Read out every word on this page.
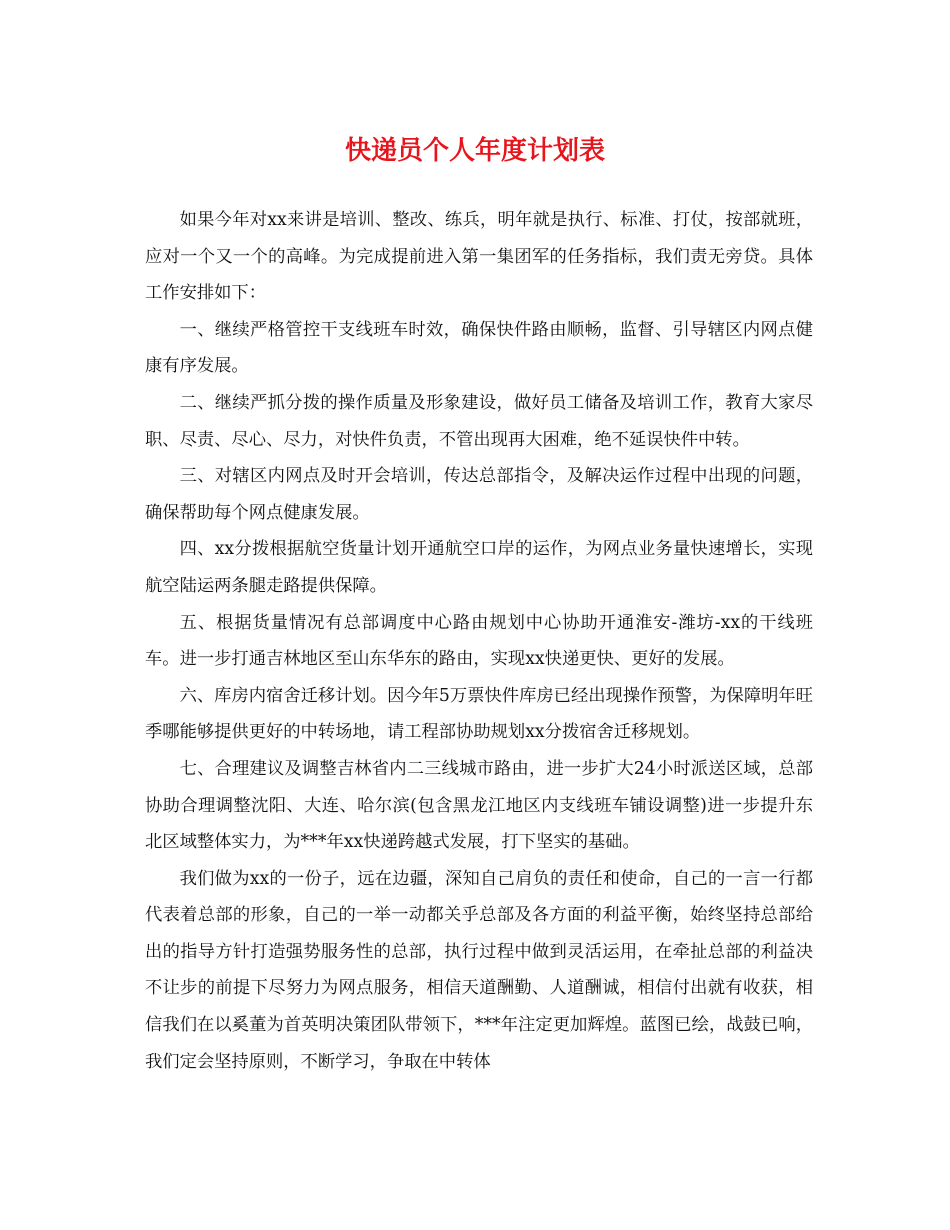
快递员个人年度计划表

如果今年对xx来讲是培训、整改、练兵，明年就是执行、标准、打仗，按部就班，应对一个又一个的高峰。为完成提前进入第一集团军的任务指标，我们责无旁贷。具体工作安排如下：

一、继续严格管控干支线班车时效，确保快件路由顺畅，监督、引导辖区内网点健康有序发展。

二、继续严抓分拨的操作质量及形象建设，做好员工储备及培训工作，教育大家尽职、尽责、尽心、尽力，对快件负责，不管出现再大困难，绝不延误快件中转。

三、对辖区内网点及时开会培训，传达总部指令，及解决运作过程中出现的问题，确保帮助每个网点健康发展。

四、xx分拨根据航空货量计划开通航空口岸的运作，为网点业务量快速增长，实现航空陆运两条腿走路提供保障。

五、根据货量情况有总部调度中心路由规划中心协助开通淮安-潍坊-xx的干线班车。进一步打通吉林地区至山东华东的路由，实现xx快递更快、更好的发展。

六、库房内宿舍迁移计划。因今年5万票快件库房已经出现操作预警，为保障明年旺季哪能够提供更好的中转场地，请工程部协助规划xx分拨宿舍迁移规划。

七、合理建议及调整吉林省内二三线城市路由，进一步扩大24小时派送区域，总部协助合理调整沈阳、大连、哈尔滨(包含黑龙江地区内支线班车铺设调整)进一步提升东北区域整体实力，为***年xx快递跨越式发展，打下坚实的基础。

我们做为xx的一份子，远在边疆，深知自己肩负的责任和使命，自己的一言一行都代表着总部的形象，自己的一举一动都关乎总部及各方面的利益平衡，始终坚持总部给出的指导方针打造强势服务性的总部，执行过程中做到灵活运用，在牵扯总部的利益决不让步的前提下尽努力为网点服务，相信天道酬勤、人道酬诚，相信付出就有收获，相信我们在以奚董为首英明决策团队带领下，***年注定更加辉煌。蓝图已绘，战鼓已响，我们定会坚持原则，不断学习，争取在中转体
